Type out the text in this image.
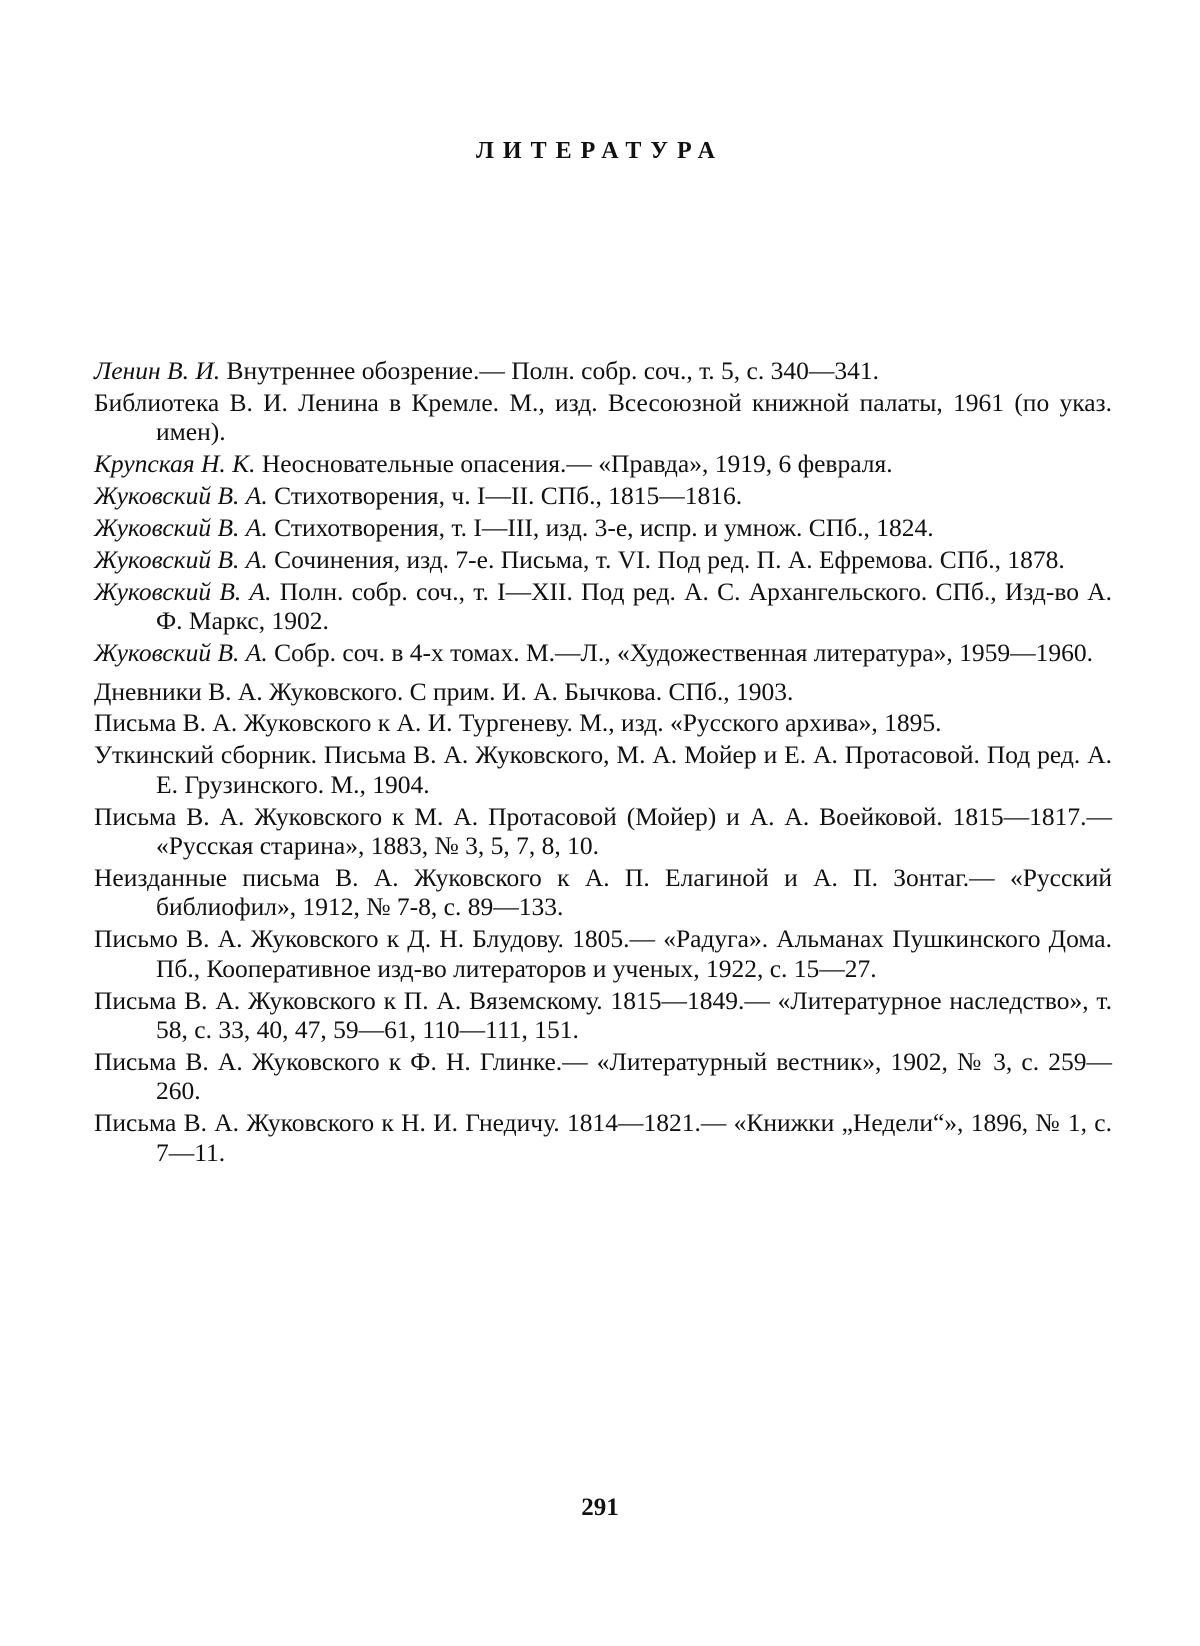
ЛИТЕРАТУРА

Ленин В. И. Внутреннее обозрение.— Полн. собр. соч., т. 5, с. 340—341.

Библиотека В. И. Ленина в Кремле. М., изд. Всесоюзной книжной палаты, 1961 (по указ. имен).

Крупская Н. К. Неосновательные опасения.— «Правда», 1919, 6 февраля.

Жуковский В. А. Стихотворения, ч. I—II. СПб., 1815—1816.

Жуковский В. А. Стихотворения, т. I—III, изд. 3-е, испр. и умнож. СПб., 1824.

Жуковский В. А. Сочинения, изд. 7-е. Письма, т. VI. Под ред. П. А. Ефремова. СПб., 1878.

Жуковский В. А. Полн. собр. соч., т. I—XII. Под ред. А. С. Архангельского. СПб., Изд-во А. Ф. Маркс, 1902.

Жуковский В. А. Собр. соч. в 4-х томах. М.—Л., «Художественная литература», 1959—1960.

Дневники В. А. Жуковского. С прим. И. А. Бычкова. СПб., 1903.

Письма В. А. Жуковского к А. И. Тургеневу. М., изд. «Русского архива», 1895.

Уткинский сборник. Письма В. А. Жуковского, М. А. Мойер и Е. А. Протасовой. Под ред. А. Е. Грузинского. М., 1904.

Письма В. А. Жуковского к М. А. Протасовой (Мойер) и А. А. Воейковой. 1815—1817.— «Русская старина», 1883, № 3, 5, 7, 8, 10.

Неизданные письма В. А. Жуковского к А. П. Елагиной и А. П. Зонтаг.— «Русский библиофил», 1912, № 7-8, с. 89—133.

Письмо В. А. Жуковского к Д. Н. Блудову. 1805.— «Радуга». Альманах Пушкинского Дома. Пб., Кооперативное изд-во литераторов и ученых, 1922, с. 15—27.

Письма В. А. Жуковского к П. А. Вяземскому. 1815—1849.— «Литературное наследство», т. 58, с. 33, 40, 47, 59—61, 110—111, 151.

Письма В. А. Жуковского к Ф. Н. Глинке.— «Литературный вестник», 1902, № 3, с. 259—260.

Письма В. А. Жуковского к Н. И. Гнедичу. 1814—1821.— «Книжки „Недели“», 1896, № 1, с. 7—11.

291
